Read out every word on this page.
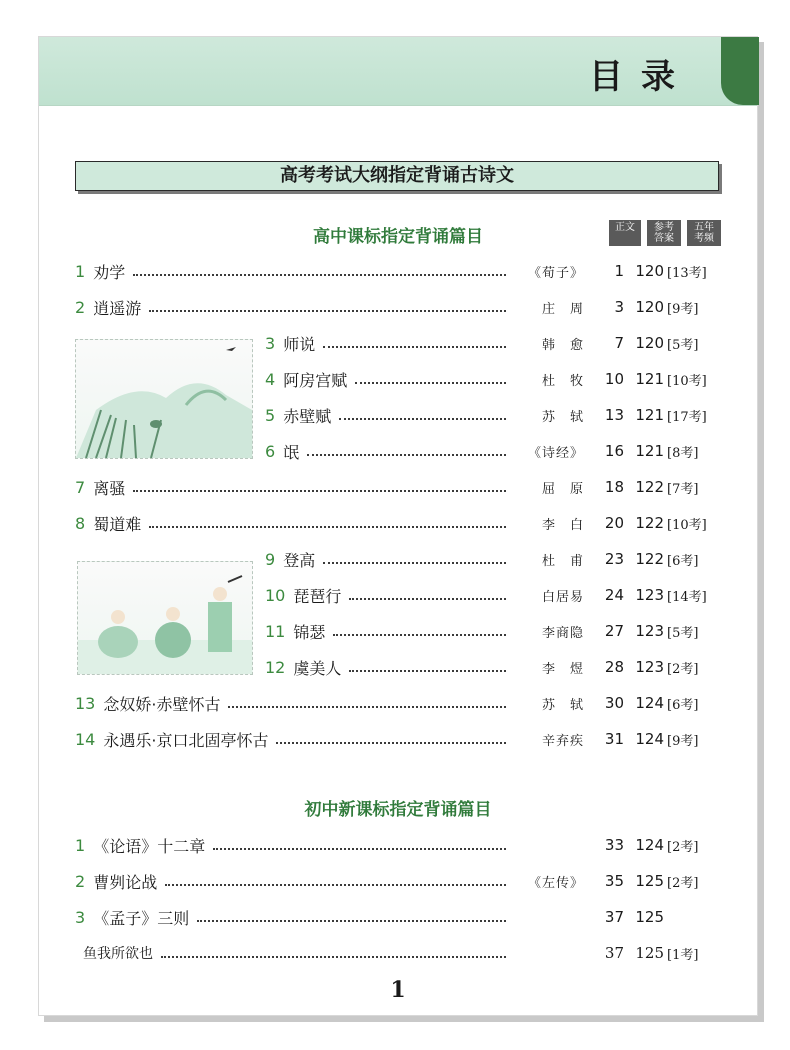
目录
高考考试大纲指定背诵古诗文
高中课标指定背诵篇目	正文	参考答案
五年考频
1 劝学	《荀子》	1 120 [13考]
2 逍遥游	庄　周	3 120 [9考]
3 师说	韩　愈	7 120 [5考]
4 阿房宫赋	杜　牧	10 121 [10考]
5 赤壁赋	苏　轼	13 121 [17考]
6 氓	《诗经》	16 121 [8考]
7 离骚	屈　原	18 122 [7考]
8 蜀道难	李　白	20 122 [10考]
9 登高	杜　甫	23 122 [6考]
10 琵琶行	白居易	24 123 [14考]
11 锦瑟	李商隐	27 123 [5考]
12 虞美人	李　煜	28 123 [2考]
13 念奴娇·赤壁怀古	苏　轼	30 124 [6考]
14 永遇乐·京口北固亭怀古	辛弃疾	31 124 [9考]
初中新课标指定背诵篇目
1 《论语》十二章	33 124 [2考]
2 曹刿论战	《左传》	35 125 [2考]
3 《孟子》三则	37 125
鱼我所欲也	37 125 [1考]
1
